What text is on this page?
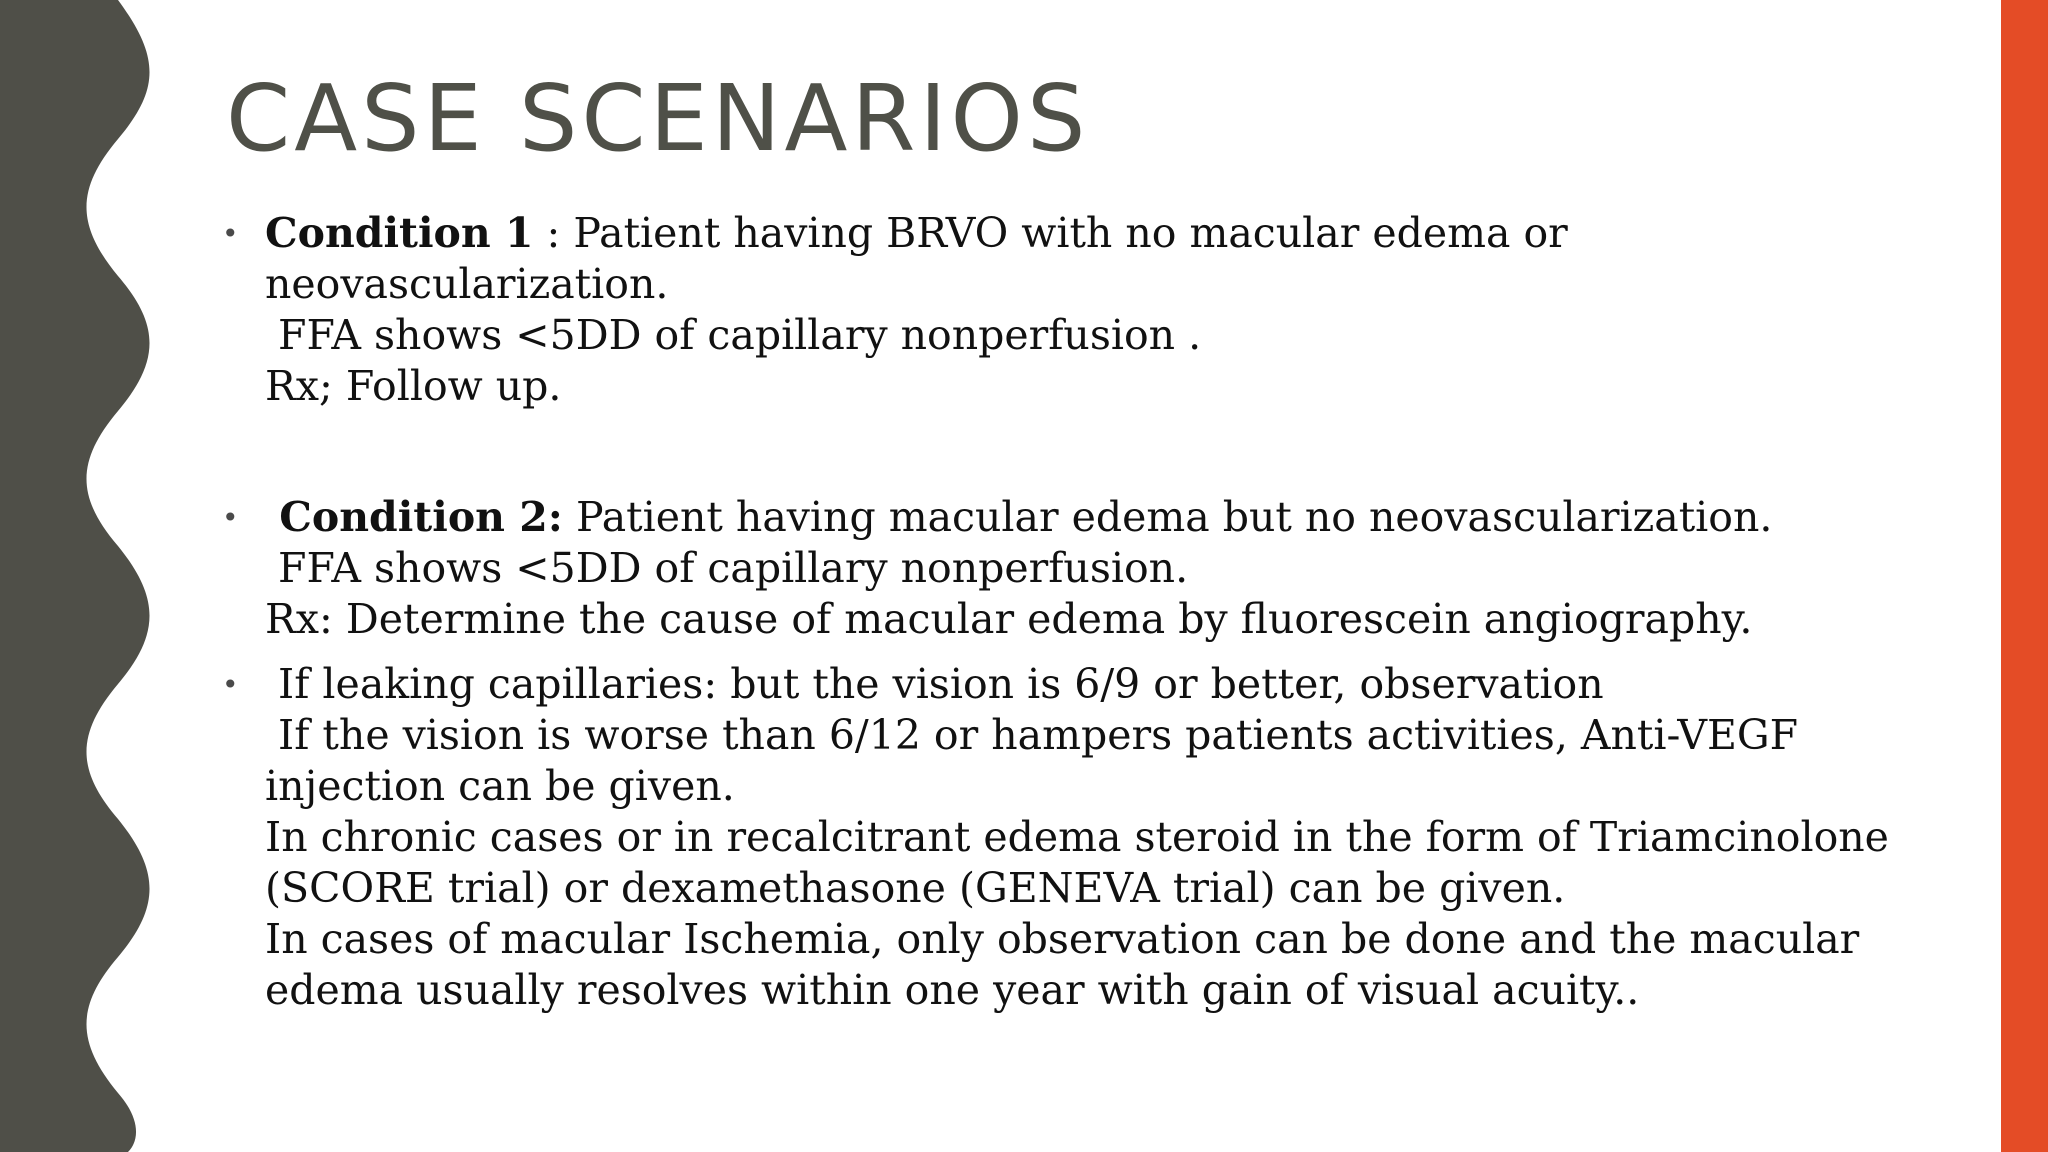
CASE SCENARIOS
• Condition 1 : Patient having BRVO with no macular edema or

neovascularization.

FFA shows <5DD of capillary nonperfusion .

Rx; Follow up.

• Condition 2: Patient having macular edema but no neovascularization.

FFA shows <5DD of capillary nonperfusion.

Rx: Determine the cause of macular edema by fluorescein angiography.

• If leaking capillaries: but the vision is 6/9 or better, observation

If the vision is worse than 6/12 or hampers patients activities, Anti-VEGF

injection can be given.

In chronic cases or in recalcitrant edema steroid in the form of Triamcinolone

(SCORE trial) or dexamethasone (GENEVA trial) can be given.

In cases of macular Ischemia, only observation can be done and the macular

edema usually resolves within one year with gain of visual acuity..
